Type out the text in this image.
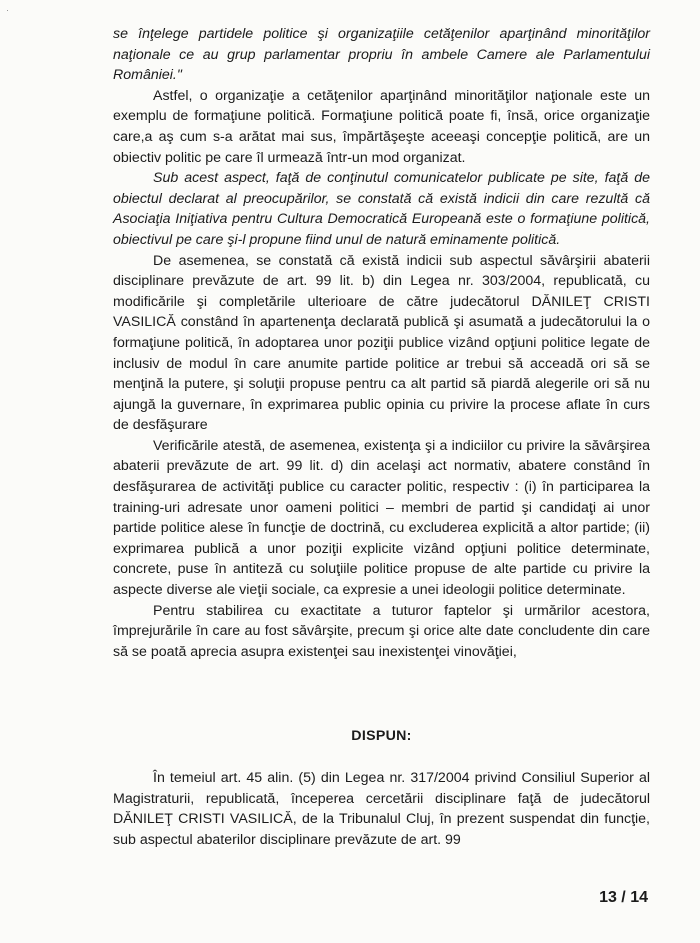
·

se înţelege partidele politice şi organizaţiile cetăţenilor aparţinând minorităţilor naţionale ce au grup parlamentar propriu în ambele Camere ale Parlamentului României."

Astfel, o organizaţie a cetăţenilor aparţinând minorităţilor naţionale este un exemplu de formaţiune politică. Formaţiune politică poate fi, însă, orice organizaţie care,a aş cum s-a arătat mai sus, împărtăşeşte aceeaşi concepţie politică, are un obiectiv politic pe care îl urmează într-un mod organizat.

Sub acest aspect, faţă de conţinutul comunicatelor publicate pe site, faţă de obiectul declarat al preocupărilor, se constată că există indicii din care rezultă că Asociaţia Iniţiativa pentru Cultura Democratică Europeană este o formaţiune politică, obiectivul pe care şi-l propune fiind unul de natură eminamente politică.

De asemenea, se constată că există indicii sub aspectul săvârşirii abaterii disciplinare prevăzute de art. 99 lit. b) din Legea nr. 303/2004, republicată, cu modificările şi completările ulterioare de către judecătorul DĂNILEŢ CRISTI VASILICĂ constând în apartenenţa declarată publică şi asumată a judecătorului la o formaţiune politică, în adoptarea unor poziţii publice vizând opţiuni politice legate de inclusiv de modul în care anumite partide politice ar trebui să acceadă ori să se menţină la putere, şi soluţii propuse pentru ca alt partid să piardă alegerile ori să nu ajungă la guvernare, în exprimarea public opinia cu privire la procese aflate în curs de desfăşurare

Verificările atestă, de asemenea, existenţa şi a indiciilor cu privire la săvârşirea abaterii prevăzute de art. 99 lit. d) din acelaşi act normativ, abatere constând în desfăşurarea de activităţi publice cu caracter politic, respectiv : (i) în participarea la training-uri adresate unor oameni politici – membri de partid şi candidaţi ai unor partide politice alese în funcţie de doctrină, cu excluderea explicită a altor partide; (ii) exprimarea publică a unor poziţii explicite vizând opţiuni politice determinate, concrete, puse în antiteză cu soluţiile politice propuse de alte partide cu privire la aspecte diverse ale vieţii sociale, ca expresie a unei ideologii politice determinate.

Pentru stabilirea cu exactitate a tuturor faptelor şi urmărilor acestora, împrejurările în care au fost săvârşite, precum şi orice alte date concludente din care să se poată aprecia asupra existenţei sau inexistenţei vinovăţiei,

DISPUN:

În temeiul art. 45 alin. (5) din Legea nr. 317/2004 privind Consiliul Superior al Magistraturii, republicată, începerea cercetării disciplinare faţă de judecătorul DĂNILEŢ CRISTI VASILICĂ, de la Tribunalul Cluj, în prezent suspendat din funcţie, sub aspectul abaterilor disciplinare prevăzute de art. 99

13 / 14
